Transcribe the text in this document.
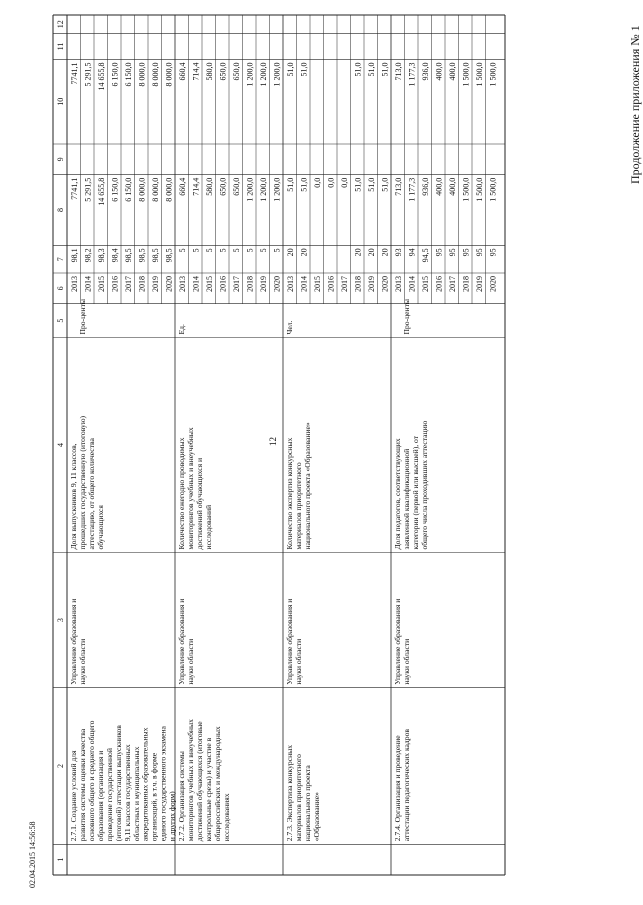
Продолжение приложения № 1
12
02.04.2015 14:56:58 1
2
3
4
5
6
7
8
9
10
11
12
2.7.1. Создание условий дляразвития системы оценки качестваосновного общего и среднего общегообразования (организация ипроведение государственной(итоговой) аттестации выпускников9,11 классов государственныхобластных и муниципальныхаккредитованных образовательныхорганизаций, в т.ч. в формеединого государственного экзаменаи других форм)
Управление образования инауки области
Доля выпускников 9, 11 классов,прошедших государственную (итоговую)аттестацию, от общего количестваобучающихся
Про-центы
2013
98,1
7741,1
7741,1
2014
98,2
5 291,5
5 291,5
2015
98,3
14 655,8
14 655,8
2016
98,4
6 150,0
6 150,0
2017
98,5
6 150,0
6 150,0
2018
98,5
8 000,0
8 000,0
2019
98,5
8 000,0
8 000,0
2020
98,5
8 000,0
8 000,0
2.7.2. Организация системымониторингов учебных и внеучебныхдостижений обучающихся (итоговыеконтрольные срезы) и участие вобщероссийских и международныхисследованиях
Управление образования инауки области
Количество ежегодно проводимыхмониторингов учебных и внеучебныхдостижений обучающихся иисследований
Ед.
2013
5
660,4
660,4
2014
5
714,4
714,4
2015
5
580,0
580,0
2016
5
650,0
650,0
2017
5
650,0
650,0
2018
5
1 200,0
1 200,0
2019
5
1 200,0
1 200,0
2020
5
1 200,0
1 200,0
2.7.3. Экспертиза конкурсныхматериалов приоритетногонационального проекта«Образование»
Управление образования инауки области
Количество экспертиз конкурсныхматериалов приоритетногонационального проекта «Образование»
Чел.
2013
20
51,0
51,0
2014
20
51,0
51,0
2015
0,0
2016
0,0
2017
0,0
2018
20
51,0
51,0
2019
20
51,0
51,0
2020
20
51,0
51,0
2.7.4. Организация и проведениеаттестации педагогических кадров
Управление образования инауки области
Доля педагогов, соответствующихзаявленной квалификационнойкатегории (первой или высшей), отобщего числа проходивших аттестацию
Про-центы
2013
93
713,0
713,0
2014
94
1 177,3
1 177,3
2015
94,5
936,0
936,0
2016
95
400,0
400,0
2017
95
400,0
400,0
2018
95
1 500,0
1 500,0
2019
95
1 500,0
1 500,0
2020
95
1 500,0
1 500,0
